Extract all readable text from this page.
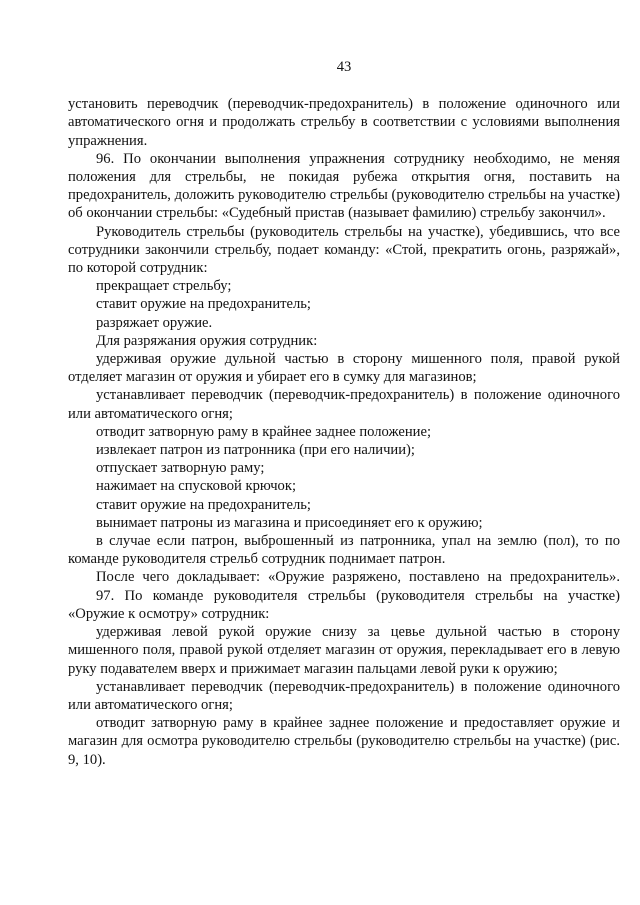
43

установить переводчик (переводчик-предохранитель) в положение одиночного или автоматического огня и продолжать стрельбу в соответствии с условиями выполнения упражнения.

96. По окончании выполнения упражнения сотруднику необходимо, не меняя положения для стрельбы, не покидая рубежа открытия огня, поставить на предохранитель, доложить руководителю стрельбы (руководителю стрельбы на участке) об окончании стрельбы: «Судебный пристав (называет фамилию) стрельбу закончил».

Руководитель стрельбы (руководитель стрельбы на участке), убедившись, что все сотрудники закончили стрельбу, подает команду: «Стой, прекратить огонь, разряжай», по которой сотрудник:

прекращает стрельбу;

ставит оружие на предохранитель;

разряжает оружие.

Для разряжания оружия сотрудник:

удерживая оружие дульной частью в сторону мишенного поля, правой рукой отделяет магазин от оружия и убирает его в сумку для магазинов;

устанавливает переводчик (переводчик-предохранитель) в положение одиночного или автоматического огня;

отводит затворную раму в крайнее заднее положение;

извлекает патрон из патронника (при его наличии);

отпускает затворную раму;

нажимает на спусковой крючок;

ставит оружие на предохранитель;

вынимает патроны из магазина и присоединяет его к оружию;

в случае если патрон, выброшенный из патронника, упал на землю (пол), то по команде руководителя стрельб сотрудник поднимает патрон.

После чего докладывает: «Оружие разряжено, поставлено на предохранитель».

97. По команде руководителя стрельбы (руководителя стрельбы на участке) «Оружие к осмотру» сотрудник:

удерживая левой рукой оружие снизу за цевье дульной частью в сторону мишенного поля, правой рукой отделяет магазин от оружия, перекладывает его в левую руку подавателем вверх и прижимает магазин пальцами левой руки к оружию;

устанавливает переводчик (переводчик-предохранитель) в положение одиночного или автоматического огня;

отводит затворную раму в крайнее заднее положение и предоставляет оружие и магазин для осмотра руководителю стрельбы (руководителю стрельбы на участке) (рис. 9, 10).
